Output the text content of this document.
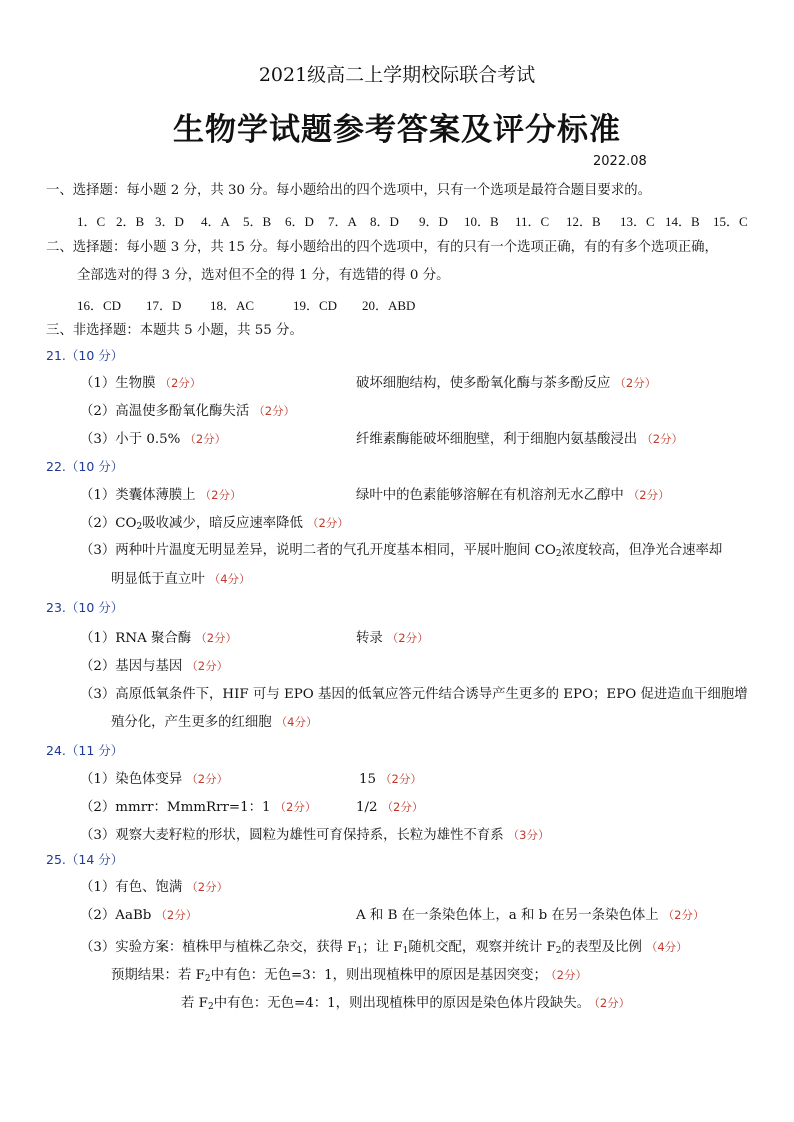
2021级高二上学期校际联合考试
生物学试题参考答案及评分标准
2022.08
一、选择题：每小题 2 分，共 30 分。每小题给出的四个选项中，只有一个选项是最符合题目要求的。
1．C 2．B 3．D 4．A 5．B 6．D 7．A 8．D 9．D 10．B 11．C 12．B 13．C 14．B 15．C
二、选择题：每小题 3 分，共 15 分。每小题给出的四个选项中，有的只有一个选项正确，有的有多个选项正确，
全部选对的得 3 分，选对但不全的得 1 分，有选错的得 0 分。
16．CD 17．D 18．AC	19．CD 20．ABD
三、非选择题：本题共 5 小题，共 55 分。
21.（10 分）
（1）生物膜 （2分）	破坏细胞结构，使多酚氧化酶与茶多酚反应 （2分）
（2）高温使多酚氧化酶失活 （2分）
（3）小于 0.5% （2分）	纤维素酶能破坏细胞壁，利于细胞内氨基酸浸出 （2分）
22.（10 分）
（1）类囊体薄膜上 （2分）	绿叶中的色素能够溶解在有机溶剂无水乙醇中 （2分）
$(2)CO_2$吸收减少，暗反应速率降低 （2分）
（3）两种叶片温度无明显差异，说明二者的气孔开度基本相同，平展叶胞间 $CO_2$浓度较高，但净光合速率却
明显低于直立叶 （4分）
23.（10 分）
（1）RNA 聚合酶 （2分）	转录 （2分）
（2）基因与基因 （2分）
（3）高原低氧条件下，HIF 可与 EPO 基因的低氧应答元件结合诱导产生更多的 EPO；EPO 促进造血干细胞增
殖分化，产生更多的红细胞 （4分）
24.（11 分）
（1）染色体变异 （2分）	15 （2分）
（2）mmrr：MmmRrr=1：1 （2分）	1/2 （2分）
（3）观察大麦籽粒的形状，圆粒为雄性可育保持系，长粒为雄性不育系 （3分）
25.（14 分）
（1）有色、饱满 （2分）
（2）AaBb （2分）	A 和 B 在一条染色体上，a 和 b 在另一条染色体上 （2分）
（3）实验方案：植株甲与植株乙杂交，获得 $F_1$；让 $F_1$随机交配，观察并统计 $F_2$的表型及比例 （4分）
预期结果：若 $F_2$中有色：无色=3：1，则出现植株甲的原因是基因突变； （2分）
若 $F_2$中有色：无色=4：1，则出现植株甲的原因是染色体片段缺失。 （2分）
